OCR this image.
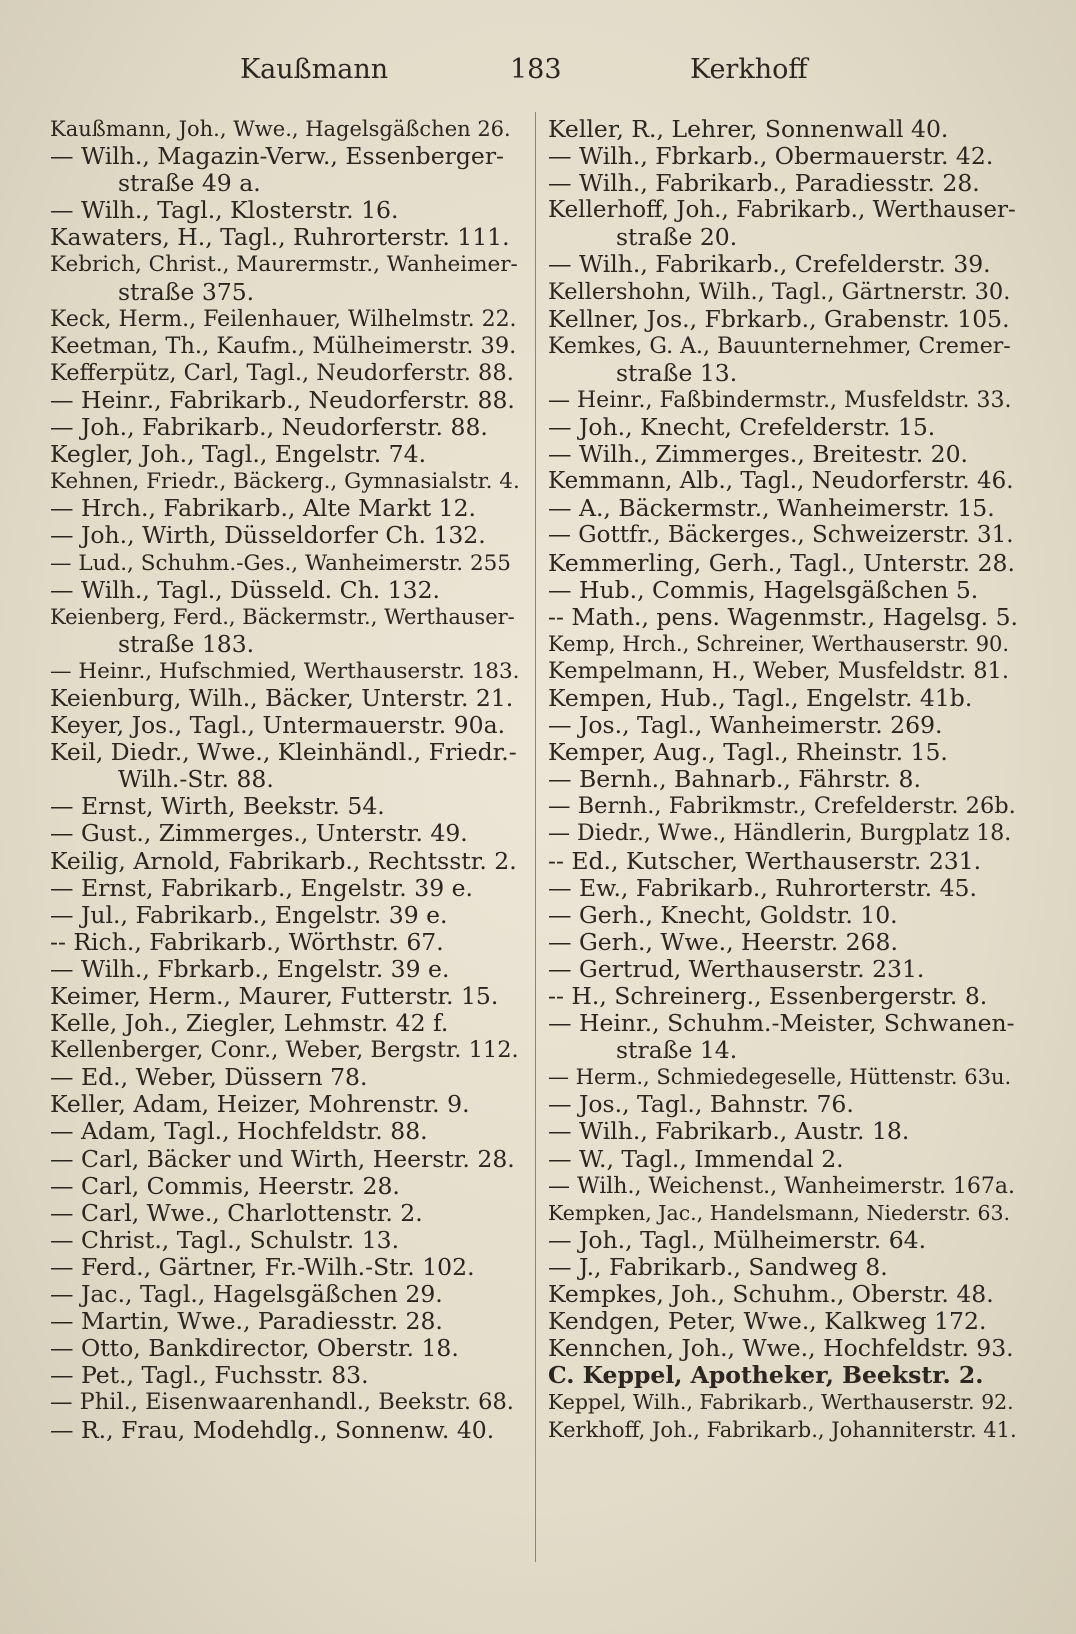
Kaußmann	183	Kerkhoff
Kaußmann, Joh., Wwe., Hagelsgäßchen 26.
— Wilh., Magazin-Verw., Essenberger-
straße 49 a.
— Wilh., Tagl., Klosterstr. 16.
Kawaters, H., Tagl., Ruhrorterstr. 111.
Kebrich, Christ., Maurermstr., Wanheimer-
straße 375.
Keck, Herm., Feilenhauer, Wilhelmstr. 22.
Keetman, Th., Kaufm., Mülheimerstr. 39.
Kefferpütz, Carl, Tagl., Neudorferstr. 88.
— Heinr., Fabrikarb., Neudorferstr. 88.
— Joh., Fabrikarb., Neudorferstr. 88.
Kegler, Joh., Tagl., Engelstr. 74.
Kehnen, Friedr., Bäckerg., Gymnasialstr. 4.
— Hrch., Fabrikarb., Alte Markt 12.
— Joh., Wirth, Düsseldorfer Ch. 132.
— Lud., Schuhm.-Ges., Wanheimerstr. 255
— Wilh., Tagl., Düsseld. Ch. 132.
Keienberg, Ferd., Bäckermstr., Werthauser-
straße 183.
— Heinr., Hufschmied, Werthauserstr. 183.
Keienburg, Wilh., Bäcker, Unterstr. 21.
Keyer, Jos., Tagl., Untermauerstr. 90a.
Keil, Diedr., Wwe., Kleinhändl., Friedr.-
Wilh.-Str. 88.
— Ernst, Wirth, Beekstr. 54.
— Gust., Zimmerges., Unterstr. 49.
Keilig, Arnold, Fabrikarb., Rechtsstr. 2.
— Ernst, Fabrikarb., Engelstr. 39 e.
— Jul., Fabrikarb., Engelstr. 39 e.
-- Rich., Fabrikarb., Wörthstr. 67.
— Wilh., Fbrkarb., Engelstr. 39 e.
Keimer, Herm., Maurer, Futterstr. 15.
Kelle, Joh., Ziegler, Lehmstr. 42 f.
Kellenberger, Conr., Weber, Bergstr. 112.
— Ed., Weber, Düssern 78.
Keller, Adam, Heizer, Mohrenstr. 9.
— Adam, Tagl., Hochfeldstr. 88.
— Carl, Bäcker und Wirth, Heerstr. 28.
— Carl, Commis, Heerstr. 28.
— Carl, Wwe., Charlottenstr. 2.
— Christ., Tagl., Schulstr. 13.
— Ferd., Gärtner, Fr.-Wilh.-Str. 102.
— Jac., Tagl., Hagelsgäßchen 29.
— Martin, Wwe., Paradiesstr. 28.
— Otto, Bankdirector, Oberstr. 18.
— Pet., Tagl., Fuchsstr. 83.
— Phil., Eisenwaarenhandl., Beekstr. 68.
— R., Frau, Modehdlg., Sonnenw. 40.
Keller, R., Lehrer, Sonnenwall 40.
— Wilh., Fbrkarb., Obermauerstr. 42.
— Wilh., Fabrikarb., Paradiesstr. 28.
Kellerhoff, Joh., Fabrikarb., Werthauser-
straße 20.
— Wilh., Fabrikarb., Crefelderstr. 39.
Kellershohn, Wilh., Tagl., Gärtnerstr. 30.
Kellner, Jos., Fbrkarb., Grabenstr. 105.
Kemkes, G. A., Bauunternehmer, Cremer-
straße 13.
— Heinr., Faßbindermstr., Musfeldstr. 33.
— Joh., Knecht, Crefelderstr. 15.
— Wilh., Zimmerges., Breitestr. 20.
Kemmann, Alb., Tagl., Neudorferstr. 46.
— A., Bäckermstr., Wanheimerstr. 15.
— Gottfr., Bäckerges., Schweizerstr. 31.
Kemmerling, Gerh., Tagl., Unterstr. 28.
— Hub., Commis, Hagelsgäßchen 5.
-- Math., pens. Wagenmstr., Hagelsg. 5.
Kemp, Hrch., Schreiner, Werthauserstr. 90.
Kempelmann, H., Weber, Musfeldstr. 81.
Kempen, Hub., Tagl., Engelstr. 41b.
— Jos., Tagl., Wanheimerstr. 269.
Kemper, Aug., Tagl., Rheinstr. 15.
— Bernh., Bahnarb., Fährstr. 8.
— Bernh., Fabrikmstr., Crefelderstr. 26b.
— Diedr., Wwe., Händlerin, Burgplatz 18.
-- Ed., Kutscher, Werthauserstr. 231.
— Ew., Fabrikarb., Ruhrorterstr. 45.
— Gerh., Knecht, Goldstr. 10.
— Gerh., Wwe., Heerstr. 268.
— Gertrud, Werthauserstr. 231.
-- H., Schreinerg., Essenbergerstr. 8.
— Heinr., Schuhm.-Meister, Schwanen-
straße 14.
— Herm., Schmiedegeselle, Hüttenstr. 63u.
— Jos., Tagl., Bahnstr. 76.
— Wilh., Fabrikarb., Austr. 18.
— W., Tagl., Immendal 2.
— Wilh., Weichenst., Wanheimerstr. 167a.
Kempken, Jac., Handelsmann, Niederstr. 63.
— Joh., Tagl., Mülheimerstr. 64.
— J., Fabrikarb., Sandweg 8.
Kempkes, Joh., Schuhm., Oberstr. 48.
Kendgen, Peter, Wwe., Kalkweg 172.
Kennchen, Joh., Wwe., Hochfeldstr. 93.
C. Keppel, Apotheker, Beekstr. 2.
Keppel, Wilh., Fabrikarb., Werthauserstr. 92.
Kerkhoff, Joh., Fabrikarb., Johanniterstr. 41.
